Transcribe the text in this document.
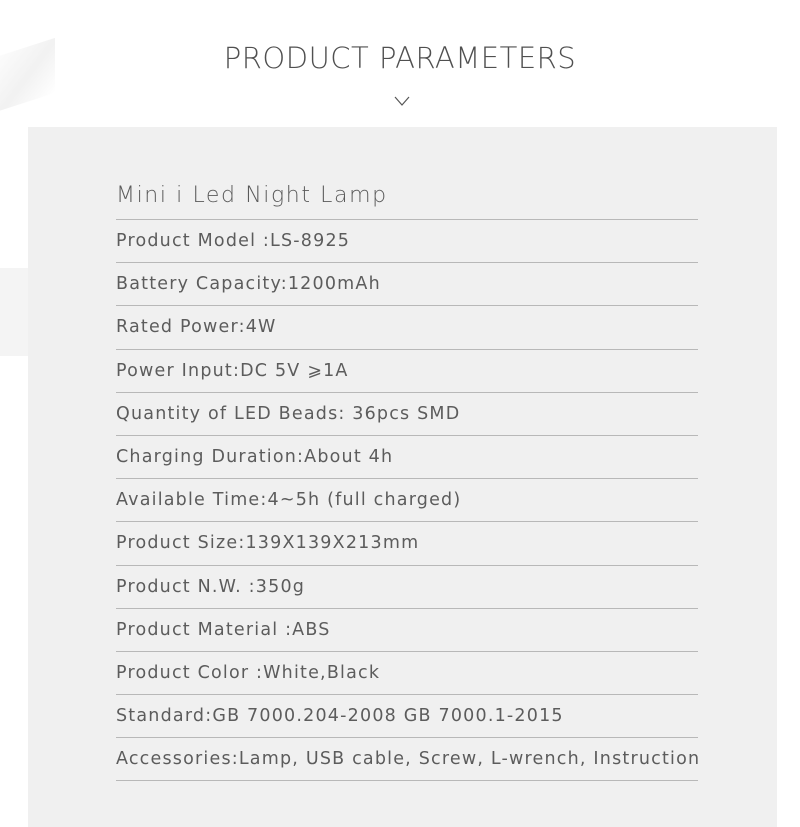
PRODUCT PARAMETERS
Mini i Led Night Lamp
Product Model : LS-8925
Battery Capacity: 1200mAh
Rated Power: 4W
Power Input: DC 5V ⩾1A
Quantity of LED Beads: 36pcs SMD
Charging Duration: About 4h
Available Time: 4~5h (full charged)
Product Size: 139X139X213mm
Product N.W. : 350g
Product Material : ABS
Product Color : White,Black
Standard: GB 7000.204-2008 GB 7000.1-2015
Accessories: Lamp, USB cable, Screw, L-wrench, Instruction
